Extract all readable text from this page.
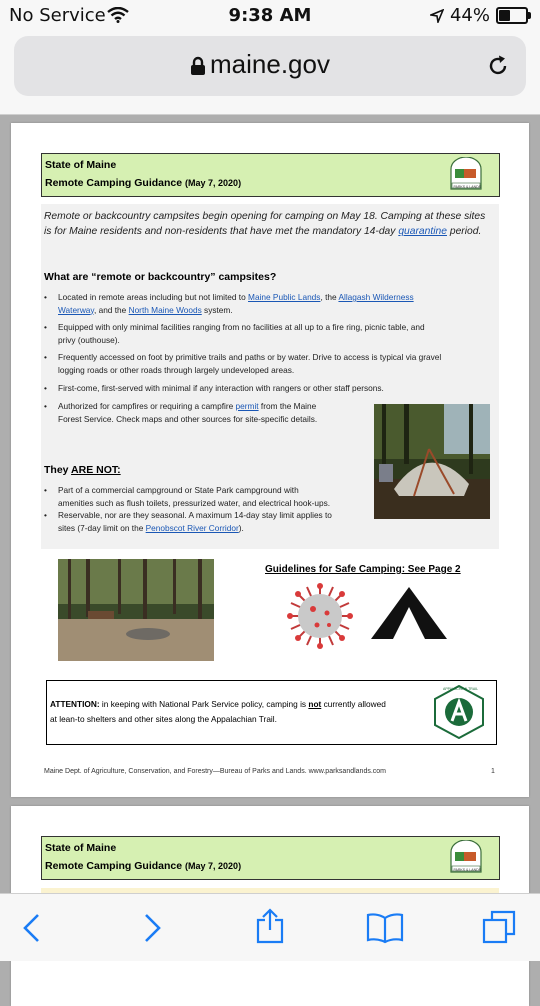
No Service	9:38 AM	44%
maine.gov
State of Maine
Remote Camping Guidance (May 7, 2020)	PARKS & LANDS
Remote or backcountry campsites begin opening for camping on May 18. Camping at these sites is for Maine residents and non-residents that have met the mandatory 14-day quarantine period.
What are “remote or backcountry” campsites?
• Located in remote areas including but not limited to Maine Public Lands, the Allagash Wilderness
Waterway, and the North Maine Woods system.
• Equipped with only minimal facilities ranging from no facilities at all up to a fire ring, picnic table, and
privy (outhouse).
• Frequently accessed on foot by primitive trails and paths or by water. Drive to access is typical via gravel
logging roads or other roads through largely undeveloped areas.
• First-come, first-served with minimal if any interaction with rangers or other staff persons.
• Authorized for campfires or requiring a campfire permit from the Maine
Forest Service. Check maps and other sources for site-specific details.
They ARE NOT:
• Part of a commercial campground or State Park campground with
amenities such as flush toilets, pressurized water, and electrical hook-ups.
• Reservable, nor are they seasonal. A maximum 14-day stay limit applies to
sites (7-day limit on the Penobscot River Corridor).
Guidelines for Safe Camping: See Page 2
ATTENTION: in keeping with National Park Service policy, camping is not currently allowed
at lean-to shelters and other sites along the Appalachian Trail.
APPALACHIAN TRAIL
Maine Dept. of Agriculture, Conservation, and Forestry—Bureau of Parks and Lands. www.parksandlands.com	1
State of Maine
Remote Camping Guidance (May 7, 2020)	PARKS & LANDS
